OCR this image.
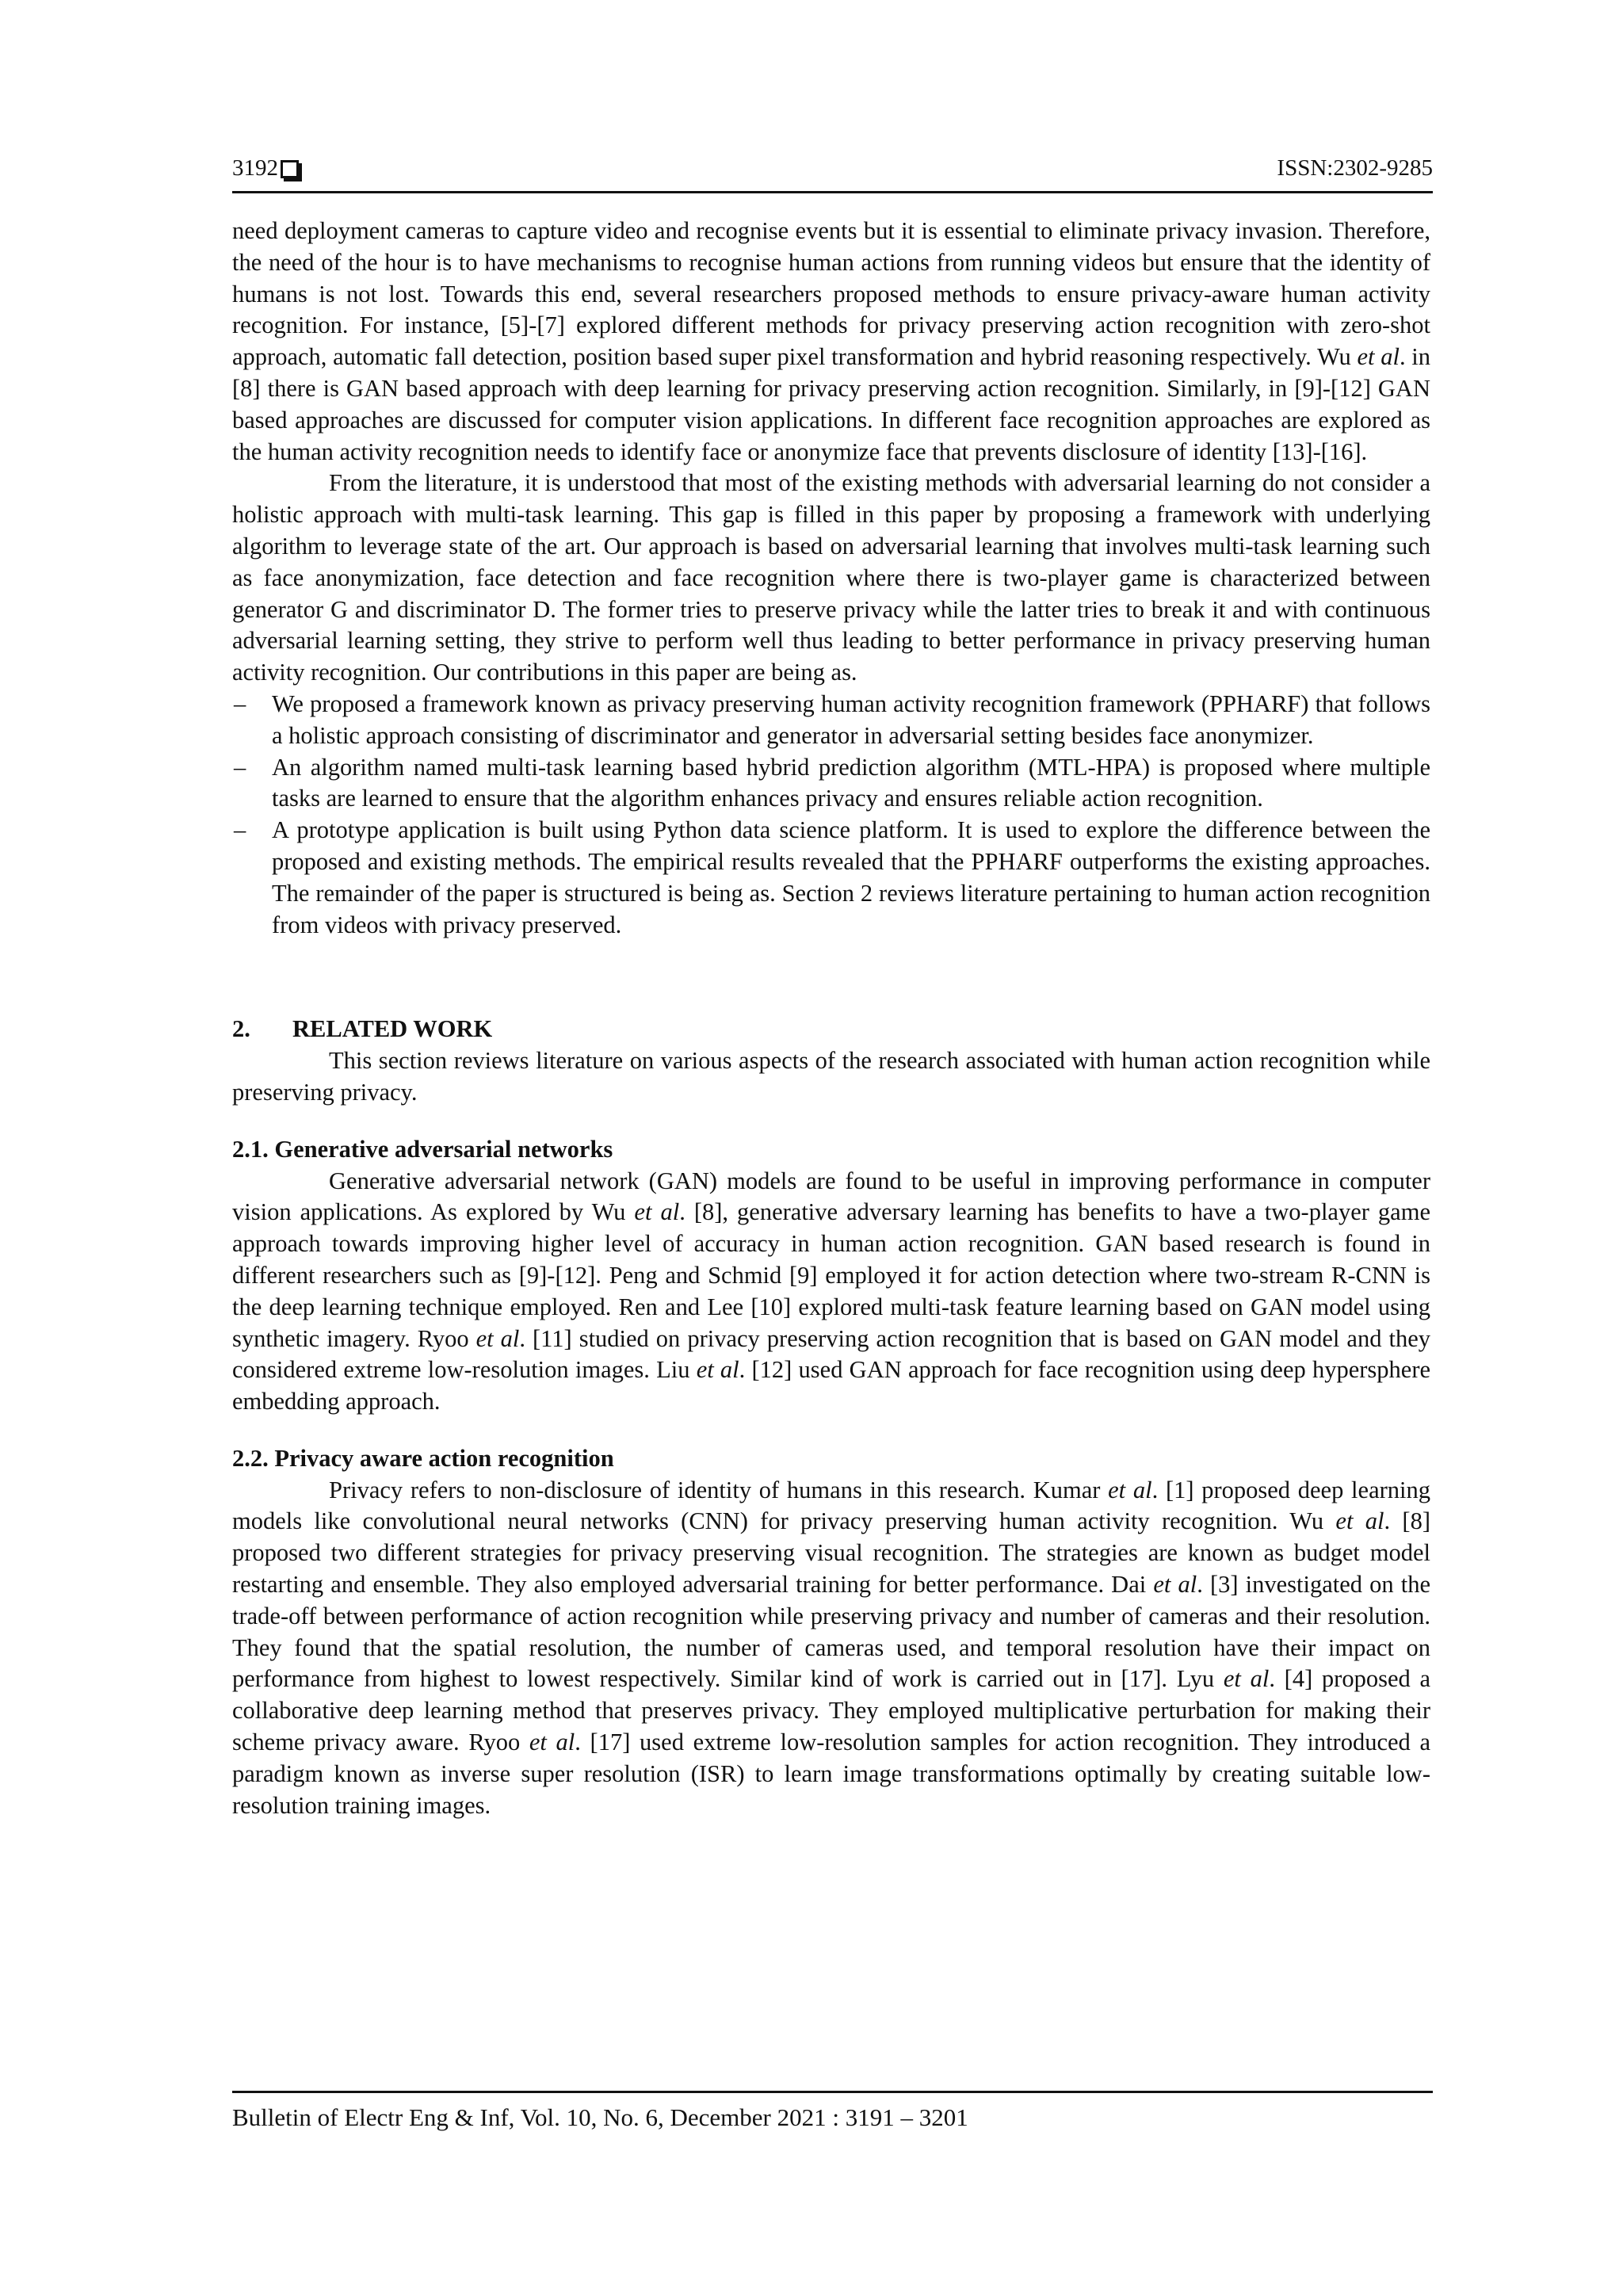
3192	ISSN:2302-9285

need deployment cameras to capture video and recognise events but it is essential to eliminate privacy invasion. Therefore, the need of the hour is to have mechanisms to recognise human actions from running videos but ensure that the identity of humans is not lost. Towards this end, several researchers proposed methods to ensure privacy-aware human activity recognition. For instance, [5]-[7] explored different methods for privacy preserving action recognition with zero-shot approach, automatic fall detection, position based super pixel transformation and hybrid reasoning respectively. Wu et al. in [8] there is GAN based approach with deep learning for privacy preserving action recognition. Similarly, in [9]-[12] GAN based approaches are discussed for computer vision applications. In different face recognition approaches are explored as the human activity recognition needs to identify face or anonymize face that prevents disclosure of identity [13]-[16].

From the literature, it is understood that most of the existing methods with adversarial learning do not consider a holistic approach with multi-task learning. This gap is filled in this paper by proposing a framework with underlying algorithm to leverage state of the art. Our approach is based on adversarial learning that involves multi-task learning such as face anonymization, face detection and face recognition where there is two-player game is characterized between generator G and discriminator D. The former tries to preserve privacy while the latter tries to break it and with continuous adversarial learning setting, they strive to perform well thus leading to better performance in privacy preserving human activity recognition. Our contributions in this paper are being as.

– We proposed a framework known as privacy preserving human activity recognition framework (PPHARF) that follows a holistic approach consisting of discriminator and generator in adversarial setting besides face anonymizer.
– An algorithm named multi-task learning based hybrid prediction algorithm (MTL-HPA) is proposed where multiple tasks are learned to ensure that the algorithm enhances privacy and ensures reliable action recognition.
– A prototype application is built using Python data science platform. It is used to explore the difference between the proposed and existing methods. The empirical results revealed that the PPHARF outperforms the existing approaches. The remainder of the paper is structured is being as. Section 2 reviews literature pertaining to human action recognition from videos with privacy preserved.
2. RELATED WORK

This section reviews literature on various aspects of the research associated with human action recognition while preserving privacy.

2.1. Generative adversarial networks

Generative adversarial network (GAN) models are found to be useful in improving performance in computer vision applications. As explored by Wu et al. [8], generative adversary learning has benefits to have a two-player game approach towards improving higher level of accuracy in human action recognition. GAN based research is found in different researchers such as [9]-[12]. Peng and Schmid [9] employed it for action detection where two-stream R-CNN is the deep learning technique employed. Ren and Lee [10] explored multi-task feature learning based on GAN model using synthetic imagery. Ryoo et al. [11] studied on privacy preserving action recognition that is based on GAN model and they considered extreme low-resolution images. Liu et al. [12] used GAN approach for face recognition using deep hypersphere embedding approach.

2.2. Privacy aware action recognition

Privacy refers to non-disclosure of identity of humans in this research. Kumar et al. [1] proposed deep learning models like convolutional neural networks (CNN) for privacy preserving human activity recognition. Wu et al. [8] proposed two different strategies for privacy preserving visual recognition. The strategies are known as budget model restarting and ensemble. They also employed adversarial training for better performance. Dai et al. [3] investigated on the trade-off between performance of action recognition while preserving privacy and number of cameras and their resolution. They found that the spatial resolution, the number of cameras used, and temporal resolution have their impact on performance from highest to lowest respectively. Similar kind of work is carried out in [17]. Lyu et al. [4] proposed a collaborative deep learning method that preserves privacy. They employed multiplicative perturbation for making their scheme privacy aware. Ryoo et al. [17] used extreme low-resolution samples for action recognition. They introduced a paradigm known as inverse super resolution (ISR) to learn image transformations optimally by creating suitable low-resolution training images.

Bulletin of Electr Eng & Inf, Vol. 10, No. 6, December 2021 : 3191 – 3201
